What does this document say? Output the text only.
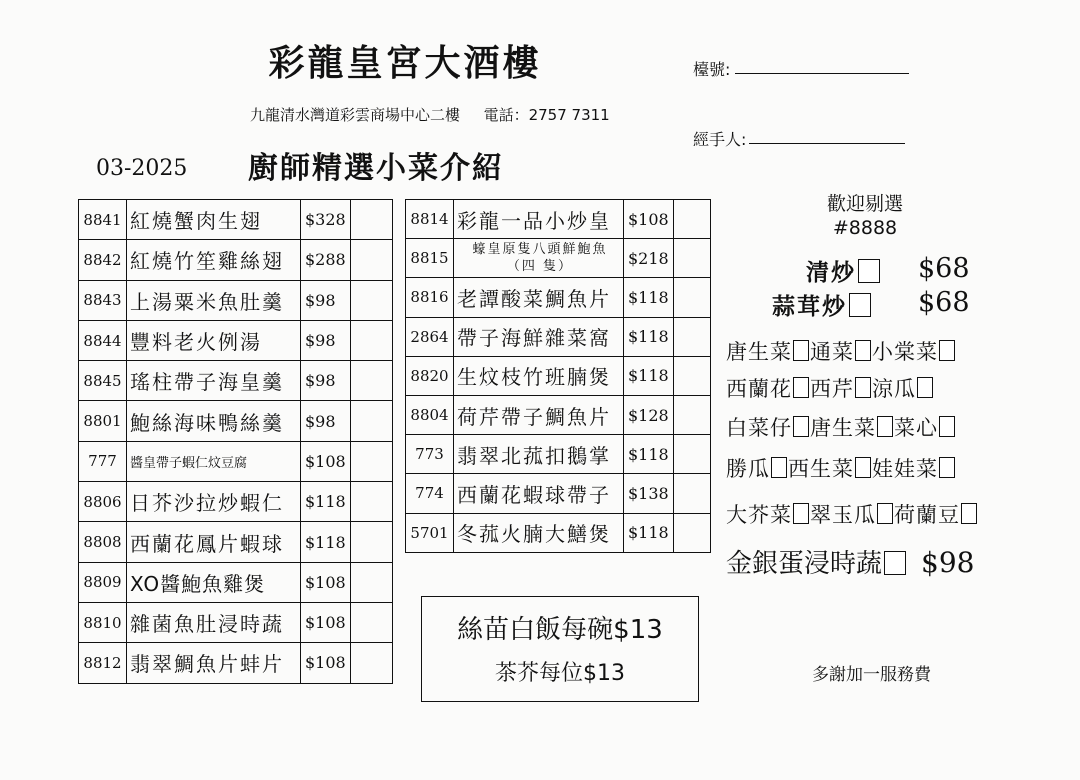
彩龍皇宮大酒樓
九龍清水灣道彩雲商場中心二樓 電話：2757 7311
檯號:
經手人:
03-2025 廚師精選小菜介紹
8841	紅燒蟹肉生翅	$328	
8842	紅燒竹笙雞絲翅	$288	
8843	上湯粟米魚肚羹	$98	
8844	豐料老火例湯	$98	
8845	瑤柱帶子海皇羹	$98	
8801	鮑絲海味鴨絲羹	$98	
777	醬皇帶子蝦仁炆豆腐	$108	
8806	日芥沙拉炒蝦仁	$118	
8808	西蘭花鳳片蝦球	$118	
8809	XO醬鮑魚雞煲	$108	
8810	雜菌魚肚浸時蔬	$108	
8812	翡翠鯛魚片蚌片	$108	
8814	彩龍一品小炒皇	$108	
8815	蠔皇原隻八頭鮮鮑魚
（四 隻）	$218	
8816	老譚酸菜鯛魚片	$118	
2864	帶子海鮮雜菜窩	$118	
8820	生炆枝竹班腩煲	$118	
8804	荷芹帶子鯛魚片	$128	
773	翡翠北菰扣鵝掌	$118	
774	西蘭花蝦球帶子	$138	
5701	冬菰火腩大鱔煲	$118	
絲苗白飯每碗$13
茶芥每位$13
歡迎剔選
#8888
清炒	$68
蒜茸炒	$68
唐生菜 通菜 小棠菜
西蘭花 西芹 涼瓜
白菜仔 唐生菜 菜心
勝瓜 西生菜 娃娃菜
大芥菜 翠玉瓜 荷蘭豆
金銀蛋浸時蔬 $98
多謝加一服務費
